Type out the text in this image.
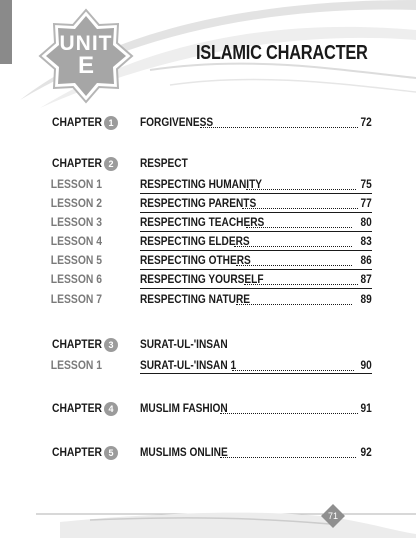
UNIT
E	ISLAMIC CHARACTER
CHAPTER 1	FORGIVENESS	72
CHAPTER 2	RESPECT
LESSON 1	RESPECTING HUMANITY	75
LESSON 2	RESPECTING PARENTS	77
LESSON 3	RESPECTING TEACHERS	80
LESSON 4	RESPECTING ELDERS	83
LESSON 5	RESPECTING OTHERS	86
LESSON 6	RESPECTING YOURSELF	87
LESSON 7	RESPECTING NATURE	89
CHAPTER 3	SURAT-UL-'INSAN
LESSON 1	SURAT-UL-'INSAN 1	90
CHAPTER 4	MUSLIM FASHION	91
CHAPTER 5	MUSLIMS ONLINE	92
71
